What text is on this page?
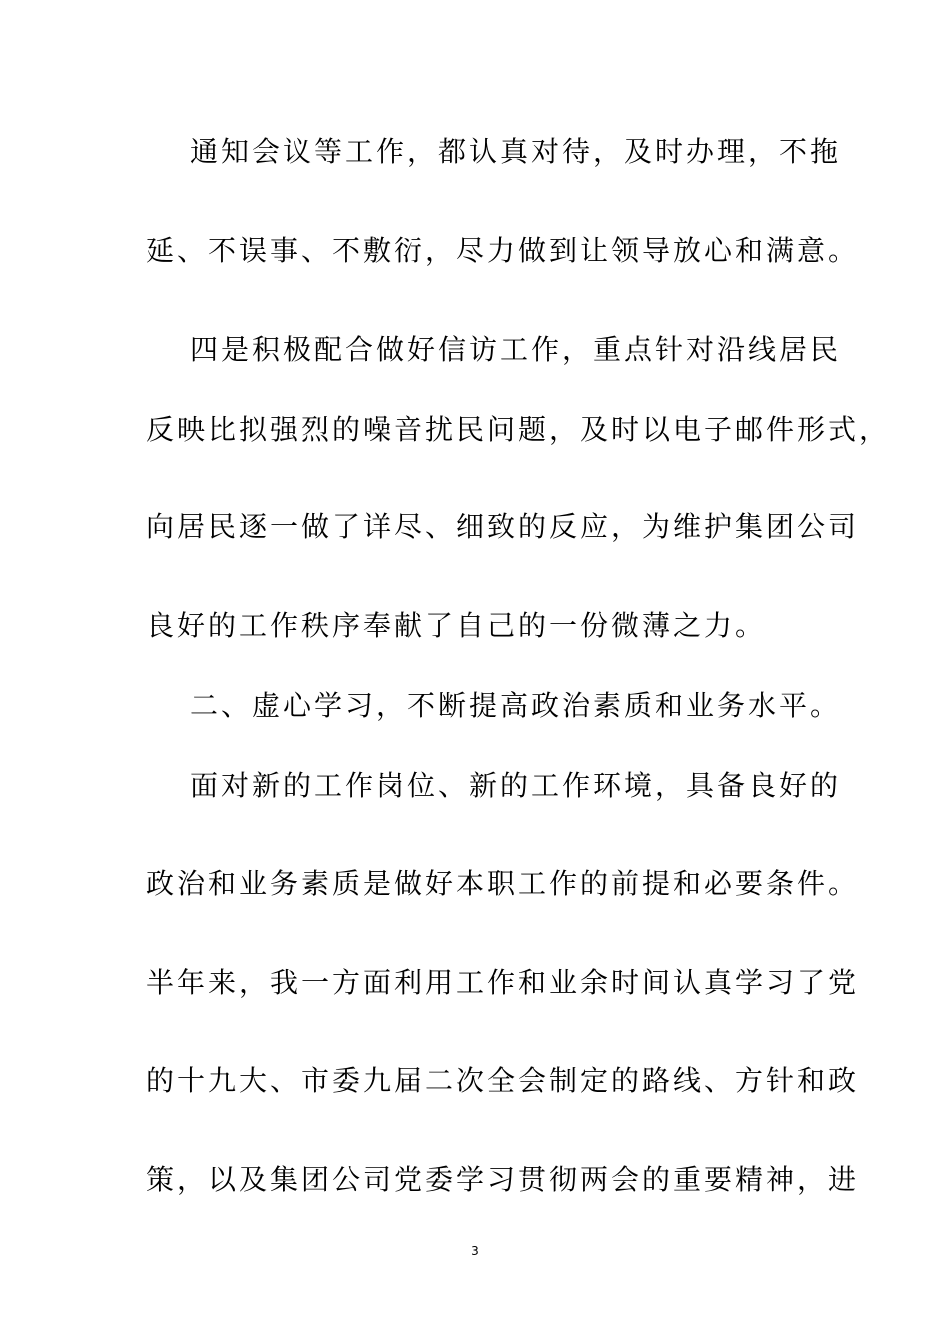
通知会议等工作，都认真对待，及时办理，不拖
延、不误事、不敷衍，尽力做到让领导放心和满意。
四是积极配合做好信访工作，重点针对沿线居民
反映比拟强烈的噪音扰民问题，及时以电子邮件形式，
向居民逐一做了详尽、细致的反应，为维护集团公司
良好的工作秩序奉献了自己的一份微薄之力。
二、虚心学习，不断提高政治素质和业务水平。
面对新的工作岗位、新的工作环境，具备良好的
政治和业务素质是做好本职工作的前提和必要条件。
半年来，我一方面利用工作和业余时间认真学习了党
的十九大、市委九届二次全会制定的路线、方针和政
策，以及集团公司党委学习贯彻两会的重要精神，进
3
